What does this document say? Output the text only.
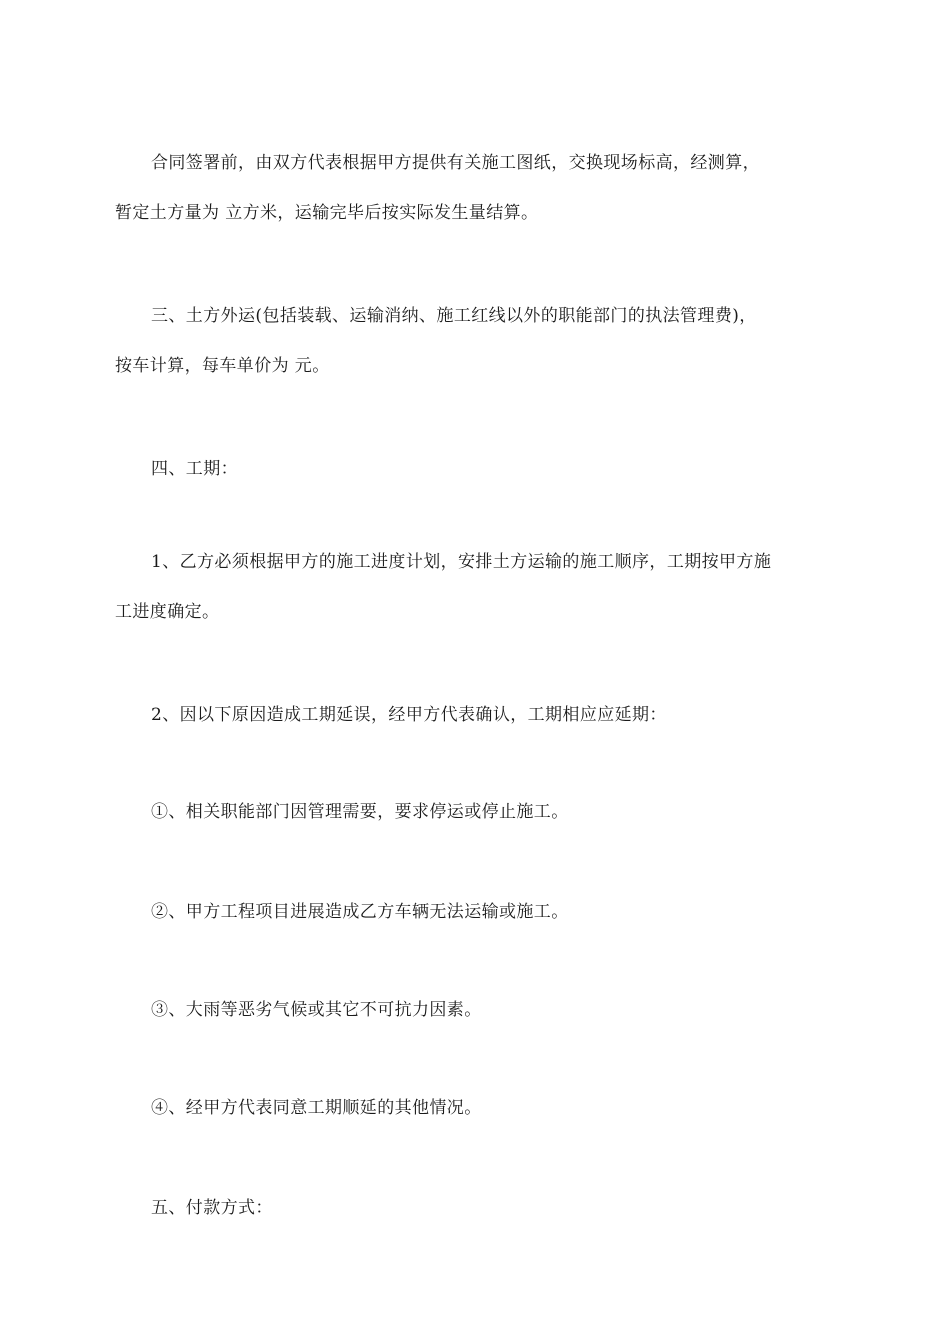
合同签署前，由双方代表根据甲方提供有关施工图纸，交换现场标高，经测算，
暂定土方量为 立方米，运输完毕后按实际发生量结算。

三、土方外运(包括装载、运输消纳、施工红线以外的职能部门的执法管理费)，
按车计算，每车单价为 元。

四、工期：

1、乙方必须根据甲方的施工进度计划，安排土方运输的施工顺序，工期按甲方施
工进度确定。

2、因以下原因造成工期延误，经甲方代表确认，工期相应应延期：

①、相关职能部门因管理需要，要求停运或停止施工。

②、甲方工程项目进展造成乙方车辆无法运输或施工。

③、大雨等恶劣气候或其它不可抗力因素。

④、经甲方代表同意工期顺延的其他情况。

五、付款方式：
